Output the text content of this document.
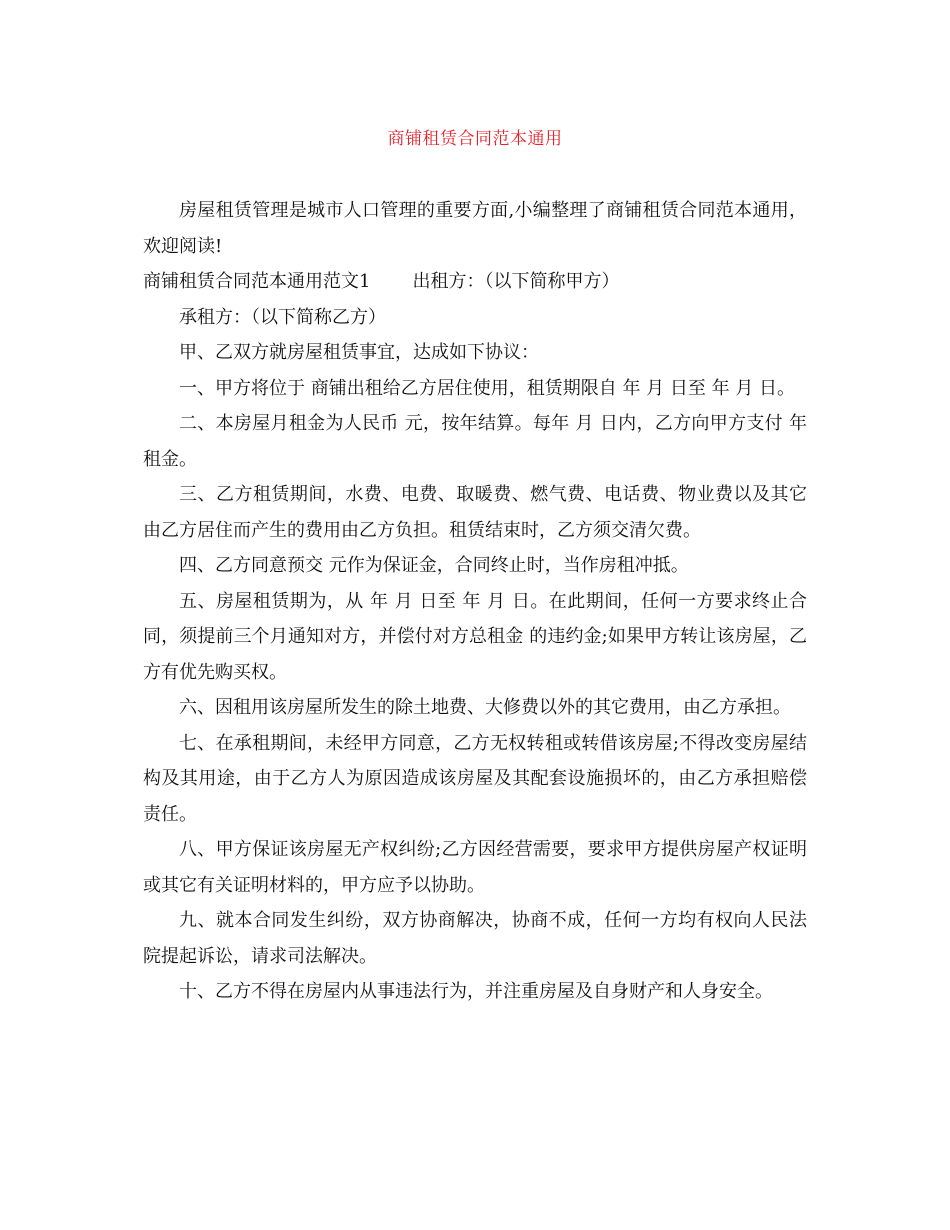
商铺租赁合同范本通用

房屋租赁管理是城市人口管理的重要方面,小编整理了商铺租赁合同范本通用，欢迎阅读!

商铺租赁合同范本通用范文1 出租方：（以下简称甲方）

承租方：（以下简称乙方）

甲、乙双方就房屋租赁事宜，达成如下协议：

一、甲方将位于 商铺出租给乙方居住使用，租赁期限自 年 月 日至 年 月 日。

二、本房屋月租金为人民币 元，按年结算。每年 月 日内，乙方向甲方支付 年租金。

三、乙方租赁期间，水费、电费、取暖费、燃气费、电话费、物业费以及其它由乙方居住而产生的费用由乙方负担。租赁结束时，乙方须交清欠费。

四、乙方同意预交 元作为保证金，合同终止时，当作房租冲抵。

五、房屋租赁期为，从 年 月 日至 年 月 日。在此期间，任何一方要求终止合同，须提前三个月通知对方，并偿付对方总租金 的违约金;如果甲方转让该房屋，乙方有优先购买权。

六、因租用该房屋所发生的除土地费、大修费以外的其它费用，由乙方承担。

七、在承租期间，未经甲方同意，乙方无权转租或转借该房屋;不得改变房屋结构及其用途，由于乙方人为原因造成该房屋及其配套设施损坏的，由乙方承担赔偿责任。

八、甲方保证该房屋无产权纠纷;乙方因经营需要，要求甲方提供房屋产权证明或其它有关证明材料的，甲方应予以协助。

九、就本合同发生纠纷，双方协商解决，协商不成，任何一方均有权向人民法院提起诉讼，请求司法解决。

十、乙方不得在房屋内从事违法行为，并注重房屋及自身财产和人身安全。
